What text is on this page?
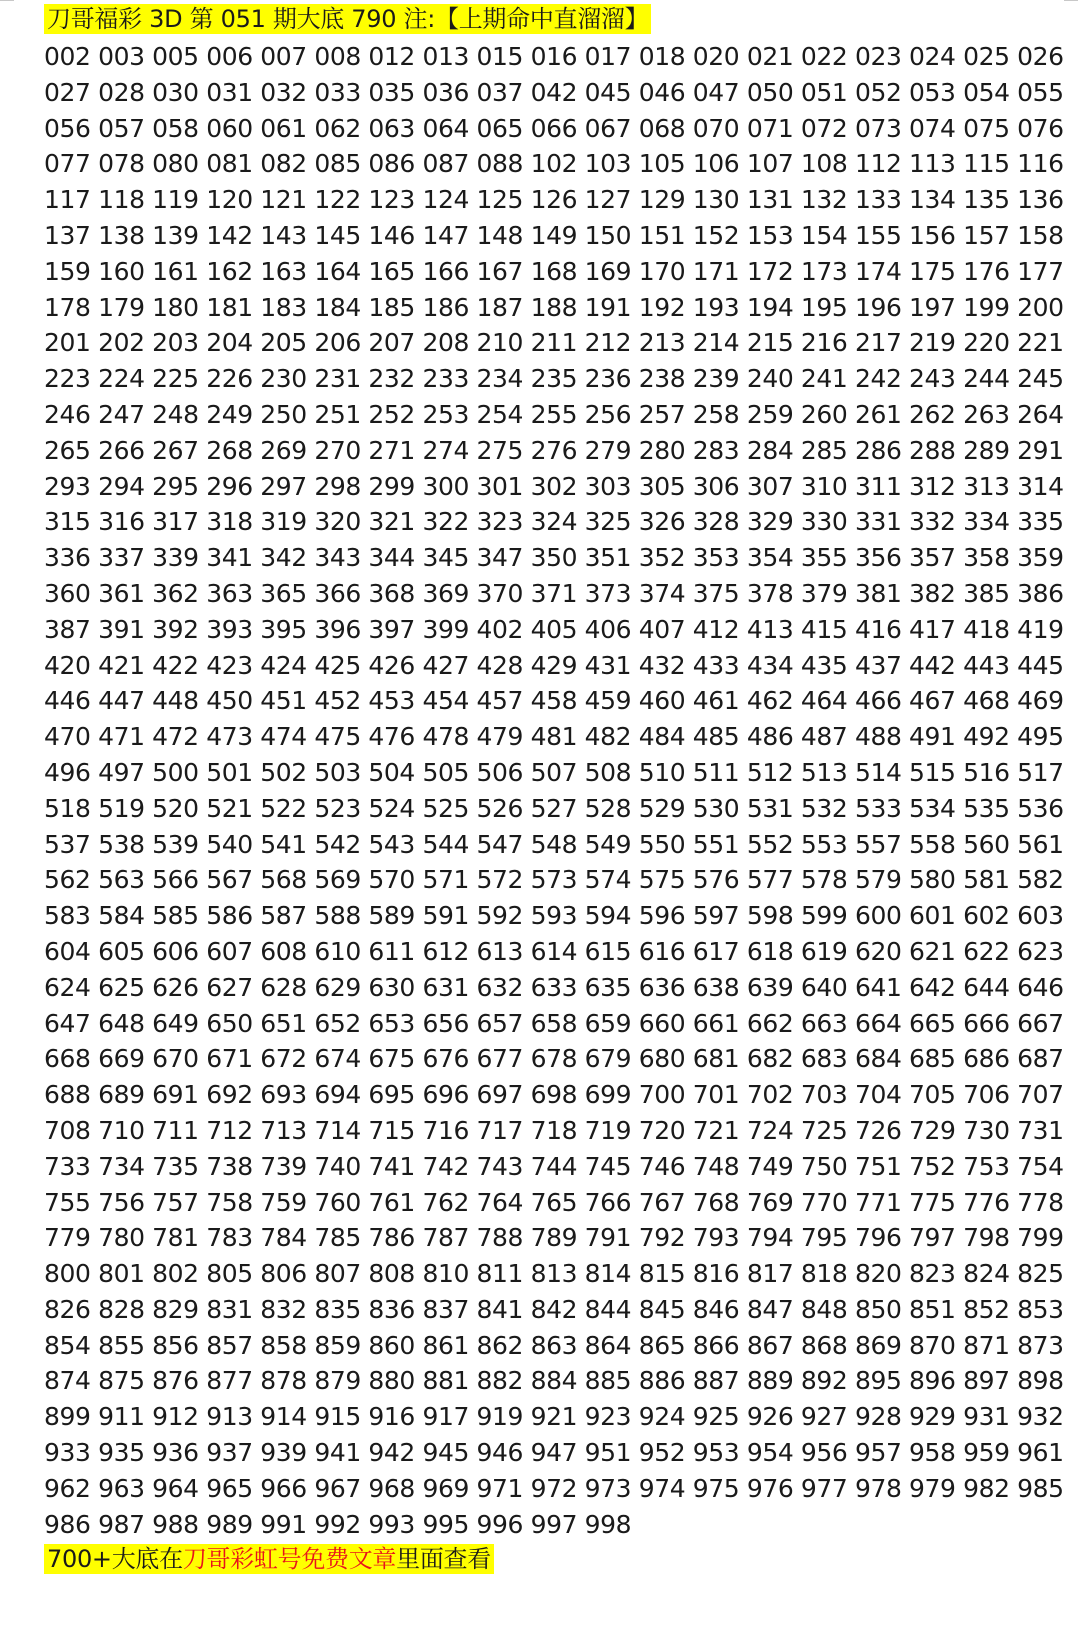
刀哥福彩 3D 第 051 期大底 790 注:【上期命中直溜溜】
002 003 005 006 007 008 012 013 015 016 017 018 020 021 022 023 024 025 026
027 028 030 031 032 033 035 036 037 042 045 046 047 050 051 052 053 054 055
056 057 058 060 061 062 063 064 065 066 067 068 070 071 072 073 074 075 076
077 078 080 081 082 085 086 087 088 102 103 105 106 107 108 112 113 115 116
117 118 119 120 121 122 123 124 125 126 127 129 130 131 132 133 134 135 136
137 138 139 142 143 145 146 147 148 149 150 151 152 153 154 155 156 157 158
159 160 161 162 163 164 165 166 167 168 169 170 171 172 173 174 175 176 177
178 179 180 181 183 184 185 186 187 188 191 192 193 194 195 196 197 199 200
201 202 203 204 205 206 207 208 210 211 212 213 214 215 216 217 219 220 221
223 224 225 226 230 231 232 233 234 235 236 238 239 240 241 242 243 244 245
246 247 248 249 250 251 252 253 254 255 256 257 258 259 260 261 262 263 264
265 266 267 268 269 270 271 274 275 276 279 280 283 284 285 286 288 289 291
293 294 295 296 297 298 299 300 301 302 303 305 306 307 310 311 312 313 314
315 316 317 318 319 320 321 322 323 324 325 326 328 329 330 331 332 334 335
336 337 339 341 342 343 344 345 347 350 351 352 353 354 355 356 357 358 359
360 361 362 363 365 366 368 369 370 371 373 374 375 378 379 381 382 385 386
387 391 392 393 395 396 397 399 402 405 406 407 412 413 415 416 417 418 419
420 421 422 423 424 425 426 427 428 429 431 432 433 434 435 437 442 443 445
446 447 448 450 451 452 453 454 457 458 459 460 461 462 464 466 467 468 469
470 471 472 473 474 475 476 478 479 481 482 484 485 486 487 488 491 492 495
496 497 500 501 502 503 504 505 506 507 508 510 511 512 513 514 515 516 517
518 519 520 521 522 523 524 525 526 527 528 529 530 531 532 533 534 535 536
537 538 539 540 541 542 543 544 547 548 549 550 551 552 553 557 558 560 561
562 563 566 567 568 569 570 571 572 573 574 575 576 577 578 579 580 581 582
583 584 585 586 587 588 589 591 592 593 594 596 597 598 599 600 601 602 603
604 605 606 607 608 610 611 612 613 614 615 616 617 618 619 620 621 622 623
624 625 626 627 628 629 630 631 632 633 635 636 638 639 640 641 642 644 646
647 648 649 650 651 652 653 656 657 658 659 660 661 662 663 664 665 666 667
668 669 670 671 672 674 675 676 677 678 679 680 681 682 683 684 685 686 687
688 689 691 692 693 694 695 696 697 698 699 700 701 702 703 704 705 706 707
708 710 711 712 713 714 715 716 717 718 719 720 721 724 725 726 729 730 731
733 734 735 738 739 740 741 742 743 744 745 746 748 749 750 751 752 753 754
755 756 757 758 759 760 761 762 764 765 766 767 768 769 770 771 775 776 778
779 780 781 783 784 785 786 787 788 789 791 792 793 794 795 796 797 798 799
800 801 802 805 806 807 808 810 811 813 814 815 816 817 818 820 823 824 825
826 828 829 831 832 835 836 837 841 842 844 845 846 847 848 850 851 852 853
854 855 856 857 858 859 860 861 862 863 864 865 866 867 868 869 870 871 873
874 875 876 877 878 879 880 881 882 884 885 886 887 889 892 895 896 897 898
899 911 912 913 914 915 916 917 919 921 923 924 925 926 927 928 929 931 932
933 935 936 937 939 941 942 945 946 947 951 952 953 954 956 957 958 959 961
962 963 964 965 966 967 968 969 971 972 973 974 975 976 977 978 979 982 985
986 987 988 989 991 992 993 995 996 997 998
700+大底在刀哥彩虹号免费文章里面查看
